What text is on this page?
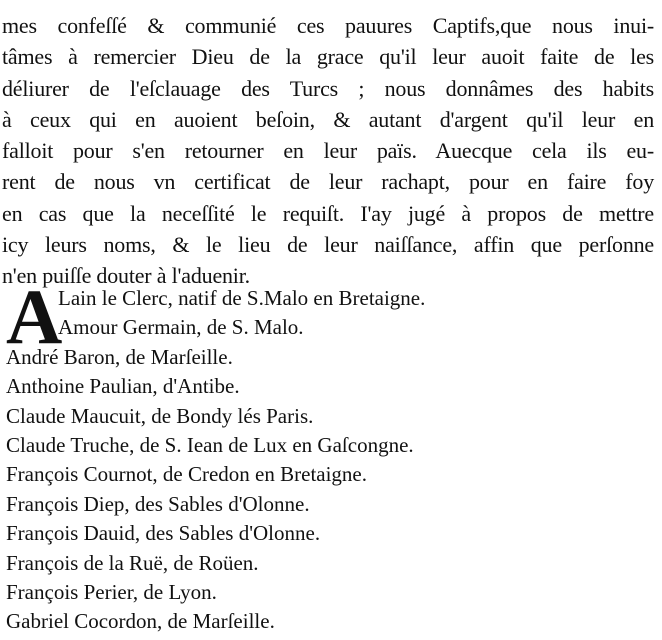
mes confeſſé & communié ces pauures Captifs,que nous inui-
tâmes à remercier Dieu de la grace qu'il leur auoit faite de les
déliurer de l'eſclauage des Turcs ; nous donnâmes des habits
à ceux qui en auoient beſoin, & autant d'argent qu'il leur en
falloit pour s'en retourner en leur païs. Auecque cela ils eu-
rent de nous vn certificat de leur rachapt, pour en faire foy
en cas que la neceſſité le requiſt. I'ay jugé à propos de mettre
icy leurs noms, & le lieu de leur naiſſance, affin que perſonne
n'en puiſſe douter à l'aduenir.
A
Lain le Clerc, natif de S.Malo en Bretaigne.
Amour Germain, de S. Malo.
André Baron, de Marſeille.
Anthoine Paulian, d'Antibe.
Claude Maucuit, de Bondy lés Paris.
Claude Truche, de S. Iean de Lux en Gaſcongne.
François Cournot, de Credon en Bretaigne.
François Diep, des Sables d'Olonne.
François Dauid, des Sables d'Olonne.
François de la Ruë, de Roüen.
François Perier, de Lyon.
Gabriel Cocordon, de Marſeille.
